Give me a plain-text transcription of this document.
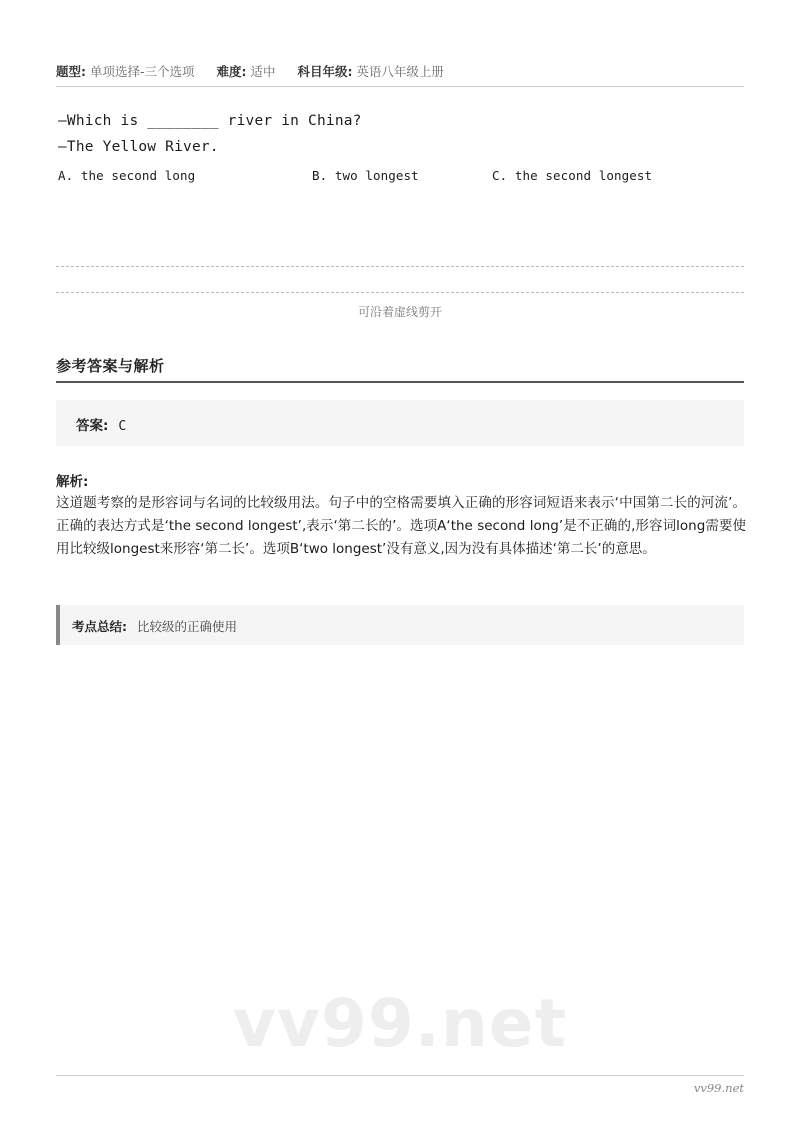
题型: 单项选择-三个选项 难度: 适中 科目年级: 英语八年级上册
—Which is ________ river in China?
—The Yellow River.
A. the second long	B. two longest	C. the second longest
可沿着虚线剪开
参考答案与解析
答案: C
解析:
这道题考察的是形容词与名词的比较级用法。句子中的空格需要填入正确的形容词短语来表示‘中国第二长的河流’。正确的表达方式是‘the second longest’,表示‘第二长的’。选项A‘the second long’是不正确的,形容词long需要使用比较级longest来形容‘第二长’。选项B‘two longest’没有意义,因为没有具体描述‘第二长’的意思。
考点总结: 比较级的正确使用
vv99.net
vv99.net
